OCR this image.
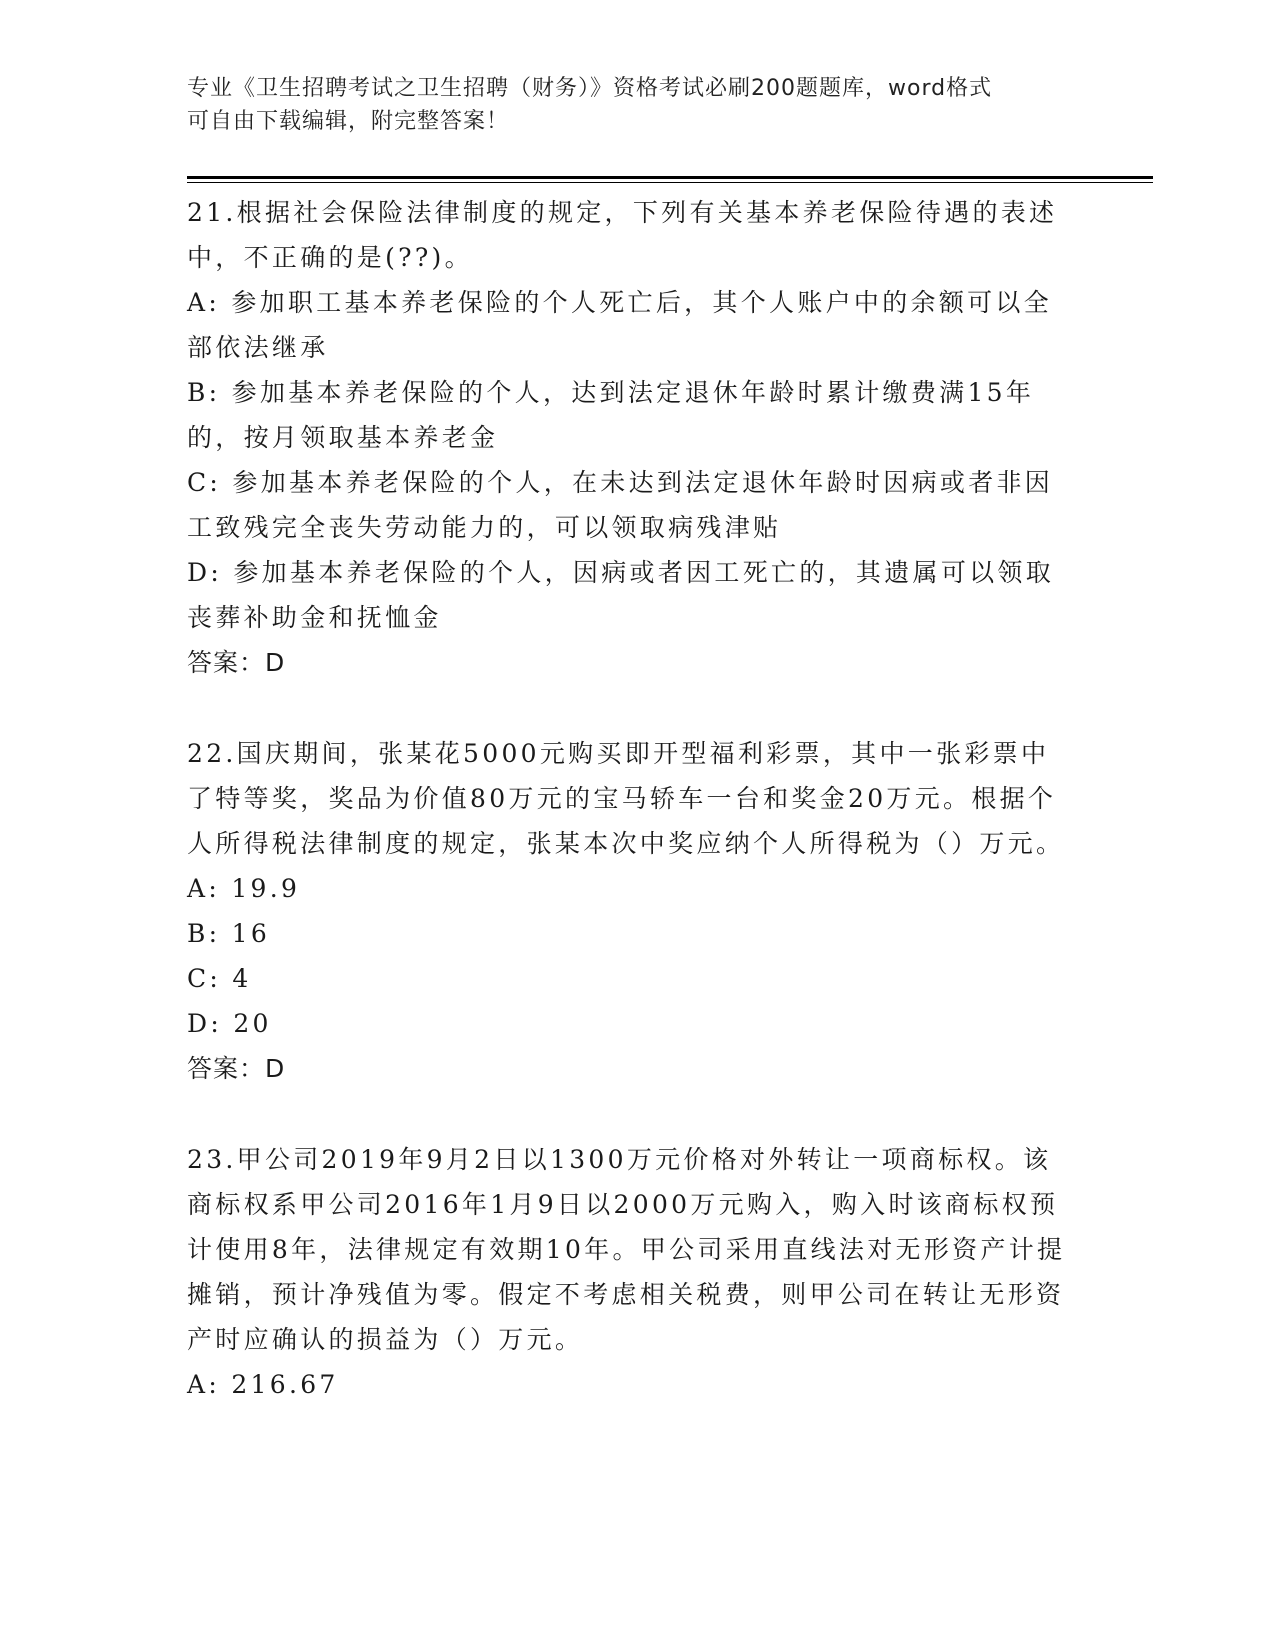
专业《卫生招聘考试之卫生招聘（财务）》资格考试必刷200题题库，word格式
可自由下载编辑，附完整答案！

21.根据社会保险法律制度的规定，下列有关基本养老保险待遇的表述中，不正确的是(??)。

A: 参加职工基本养老保险的个人死亡后，其个人账户中的余额可以全部依法继承

B: 参加基本养老保险的个人，达到法定退休年龄时累计缴费满15年的，按月领取基本养老金

C: 参加基本养老保险的个人，在未达到法定退休年龄时因病或者非因工致残完全丧失劳动能力的，可以领取病残津贴

D: 参加基本养老保险的个人，因病或者因工死亡的，其遗属可以领取丧葬补助金和抚恤金

答案：D

22.国庆期间，张某花5000元购买即开型福利彩票，其中一张彩票中了特等奖，奖品为价值80万元的宝马轿车一台和奖金20万元。根据个人所得税法律制度的规定，张某本次中奖应纳个人所得税为（）万元。

A: 19.9

B: 16

C: 4

D: 20

答案：D

23.甲公司2019年9月2日以1300万元价格对外转让一项商标权。该商标权系甲公司2016年1月9日以2000万元购入，购入时该商标权预计使用8年，法律规定有效期10年。甲公司采用直线法对无形资产计提摊销，预计净残值为零。假定不考虑相关税费，则甲公司在转让无形资产时应确认的损益为（）万元。

A: 216.67
